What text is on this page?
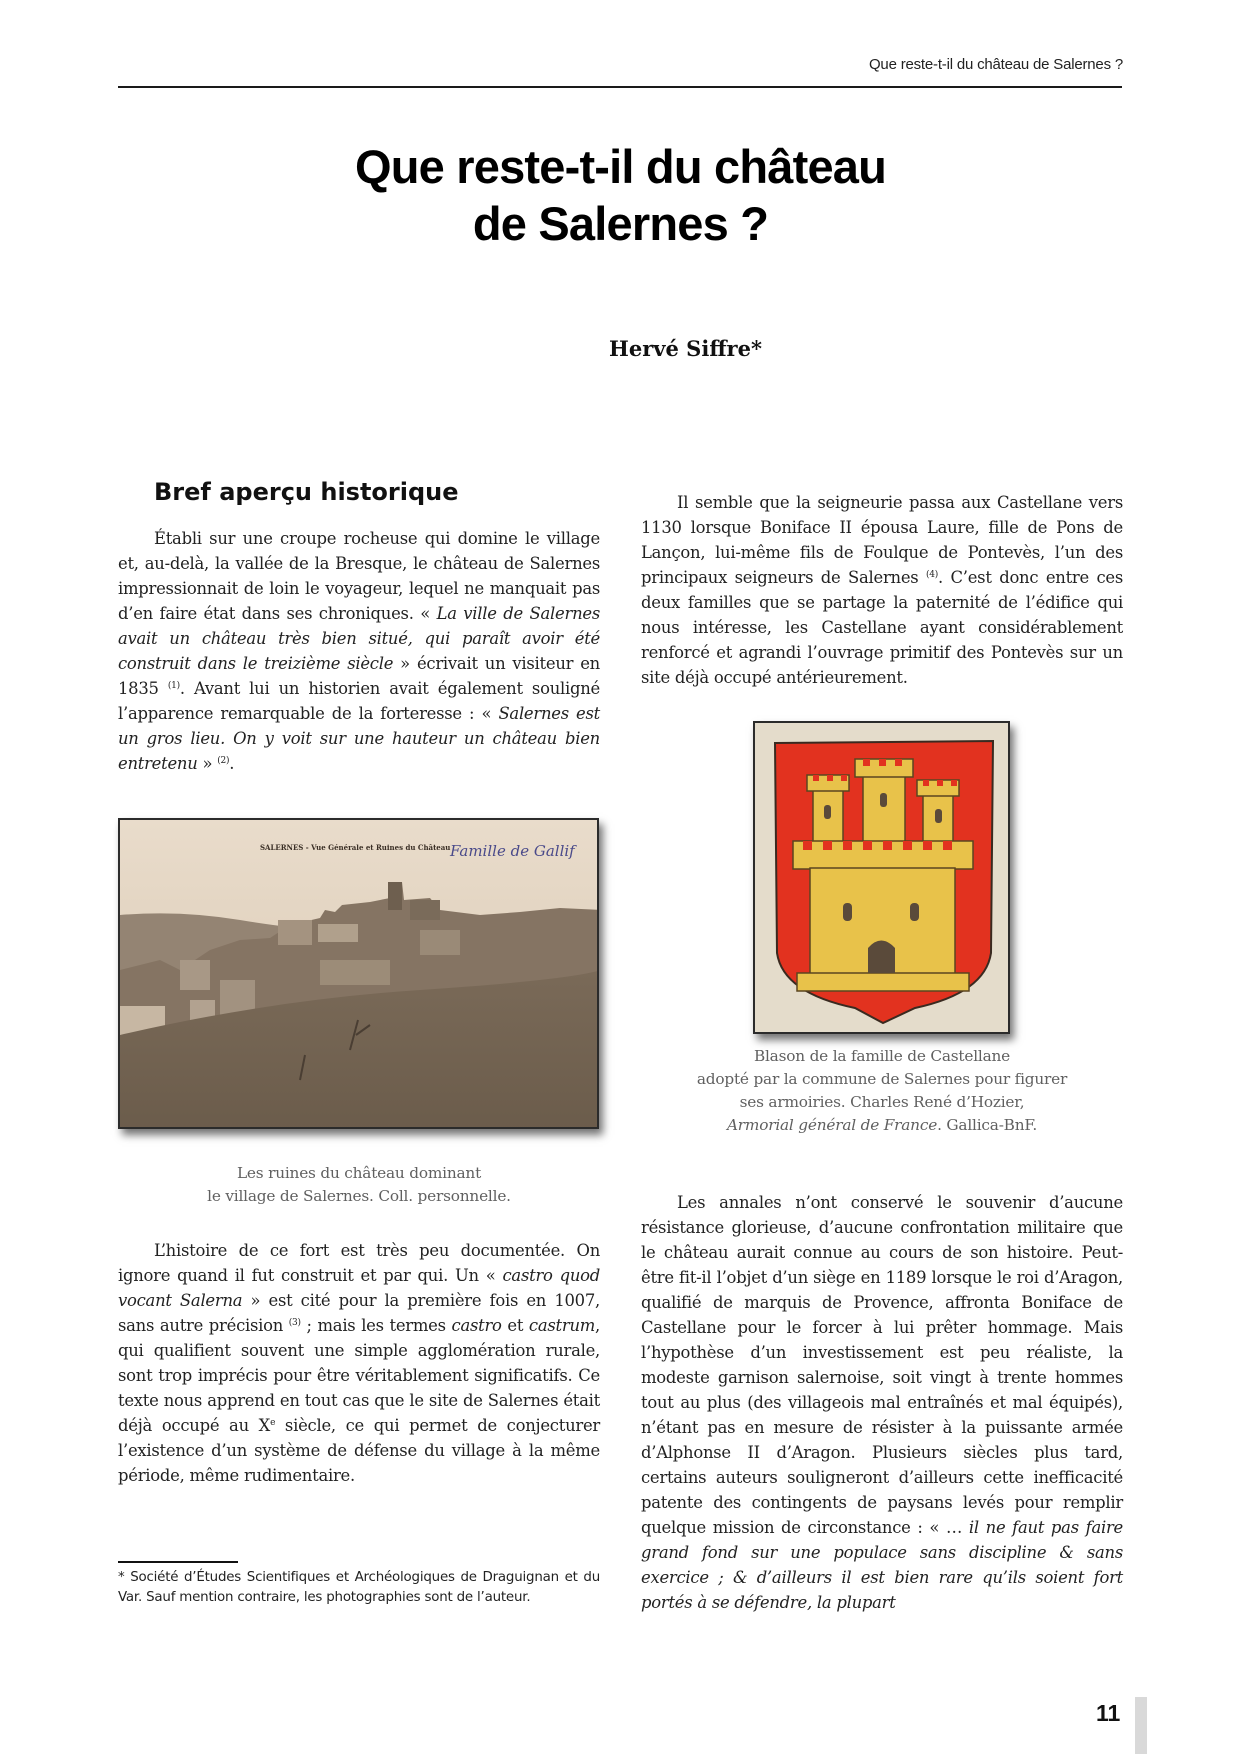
Que reste-t-il du château de Salernes ?
Que reste-t-il du château
de Salernes ?
Hervé Siffre*
Bref aperçu historique

Établi sur une croupe rocheuse qui domine le village et, au-delà, la vallée de la Bresque, le château de Salernes impressionnait de loin le voyageur, lequel ne manquait pas d’en faire état dans ses chroniques. « La ville de Salernes avait un château très bien situé, qui paraît avoir été construit dans le treizième siècle » écrivait un visiteur en 1835 $^{(1)}$. Avant lui un historien avait également souligné l’apparence remarquable de la forteresse : « Salernes est un gros lieu. On y voit sur une hauteur un château bien entretenu » $^{(2)}$.

SALERNES - Vue Générale et Ruines du Château Famille de Gallif
Les ruines du château dominant
le village de Salernes. Coll. personnelle.

L’histoire de ce fort est très peu documentée. On ignore quand il fut construit et par qui. Un « castro quod vocant Salerna » est cité pour la première fois en 1007, sans autre précision $^{(3)}$ ; mais les termes castro et castrum, qui qualifient souvent une simple agglomération rurale, sont trop imprécis pour être véritablement significatifs. Ce texte nous apprend en tout cas que le site de Salernes était déjà occupé au Xe siècle, ce qui permet de conjecturer l’existence d’un système de défense du village à la même période, même rudimentaire.

* Société d’Études Scientifiques et Archéologiques de Draguignan et du Var. Sauf mention contraire, les photographies sont de l’auteur.

Il semble que la seigneurie passa aux Castellane vers 1130 lorsque Boniface II épousa Laure, fille de Pons de Lançon, lui-même fils de Foulque de Pontevès, l’un des principaux seigneurs de Salernes $^{(4)}$. C’est donc entre ces deux familles que se partage la paternité de l’édifice qui nous intéresse, les Castellane ayant considérablement renforcé et agrandi l’ouvrage primitif des Pontevès sur un site déjà occupé antérieurement.

Blason de la famille de Castellane
adopté par la commune de Salernes pour figurer
ses armoiries. Charles René d’Hozier,
Armorial général de France. Gallica-BnF.

Les annales n’ont conservé le souvenir d’aucune résistance glorieuse, d’aucune confrontation militaire que le château aurait connue au cours de son histoire. Peut-être fit-il l’objet d’un siège en 1189 lorsque le roi d’Aragon, qualifié de marquis de Provence, affronta Boniface de Castellane pour le forcer à lui prêter hommage. Mais l’hypothèse d’un investissement est peu réaliste, la modeste garnison salernoise, soit vingt à trente hommes tout au plus (des villageois mal entraînés et mal équipés), n’étant pas en mesure de résister à la puissante armée d’Alphonse II d’Aragon. Plusieurs siècles plus tard, certains auteurs souligneront d’ailleurs cette inefficacité patente des contingents de paysans levés pour remplir quelque mission de circonstance : « … il ne faut pas faire grand fond sur une populace sans discipline & sans exercice ; & d’ailleurs il est bien rare qu’ils soient fort portés à se défendre, la plupart

11
